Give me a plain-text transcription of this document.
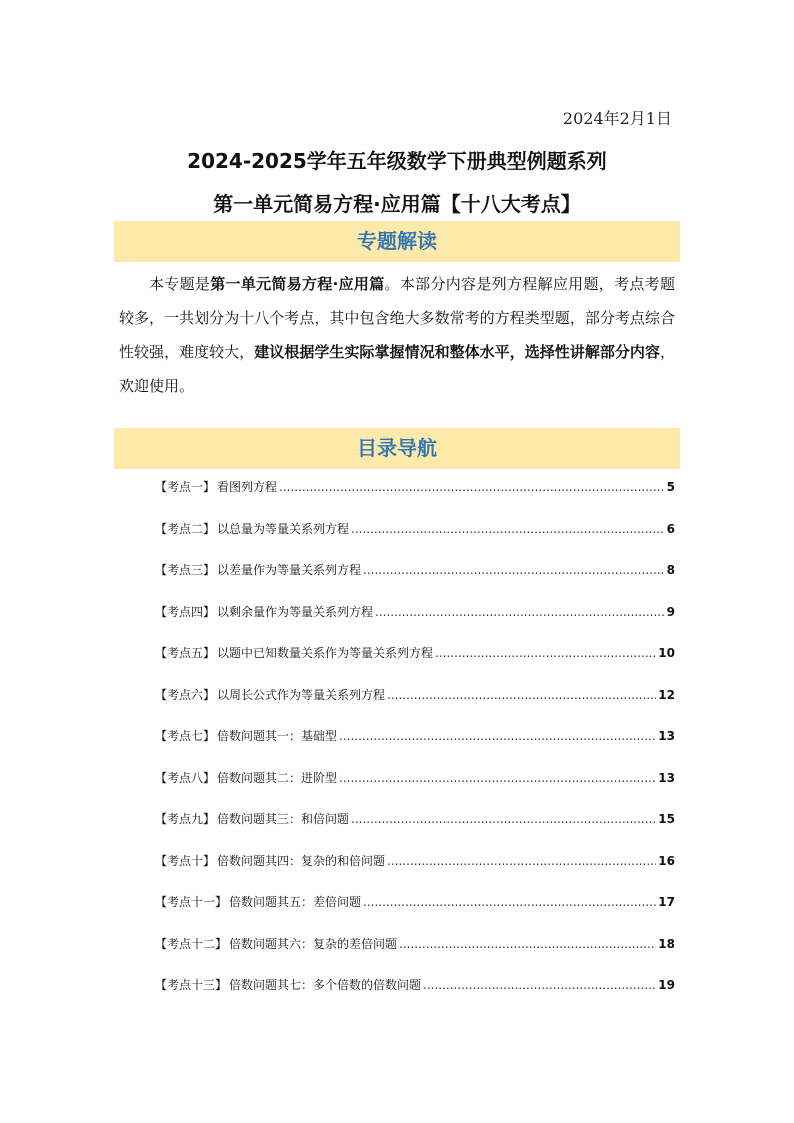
2024年2月1日
2024-2025学年五年级数学下册典型例题系列
第一单元简易方程·应用篇【十八大考点】
专题解读

本专题是第一单元简易方程·应用篇。本部分内容是列方程解应用题，考点考题较多，一共划分为十八个考点，其中包含绝大多数常考的方程类型题，部分考点综合性较强，难度较大，建议根据学生实际掌握情况和整体水平，选择性讲解部分内容，欢迎使用。

目录导航
【考点一】 看图列方程 .....	5
【考点二】 以总量为等量关系列方程 .....	6
【考点三】 以差量作为等量关系列方程 .....	8
【考点四】 以剩余量作为等量关系列方程 .....	9
【考点五】 以题中已知数量关系作为等量关系列方程 .....	10
【考点六】 以周长公式作为等量关系列方程 .....	12
【考点七】 倍数问题其一：基础型 .....	13
【考点八】 倍数问题其二：进阶型 .....	13
【考点九】 倍数问题其三：和倍问题 .....	15
【考点十】 倍数问题其四：复杂的和倍问题 .....	16
【考点十一】 倍数问题其五：差倍问题 .....	17
【考点十二】 倍数问题其六：复杂的差倍问题 .....	18
【考点十三】 倍数问题其七：多个倍数的倍数问题 .....	19
